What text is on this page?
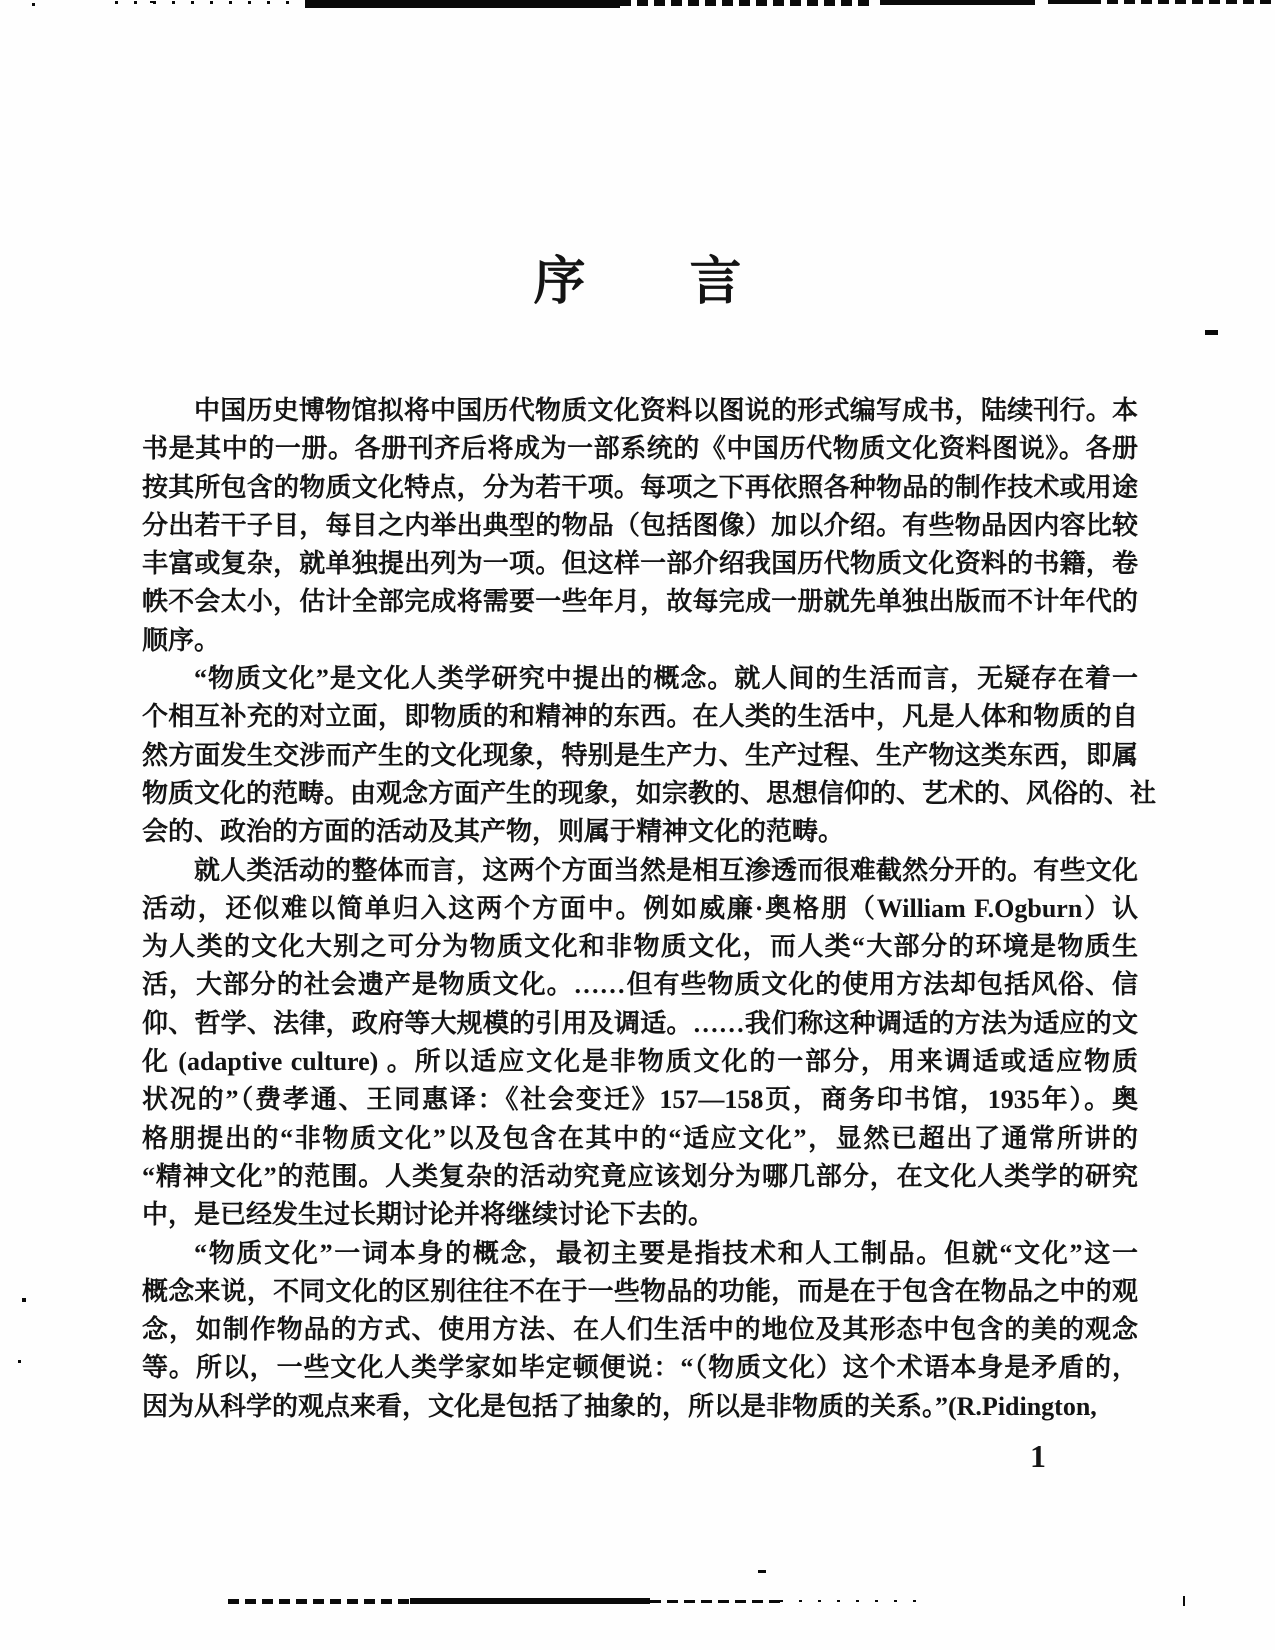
序 言
中国历史博物馆拟将中国历代物质文化资料以图说的形式编写成书，陆续刊行。本
书是其中的一册。各册刊齐后将成为一部系统的《中国历代物质文化资料图说》。各册
按其所包含的物质文化特点，分为若干项。每项之下再依照各种物品的制作技术或用途
分出若干子目，每目之内举出典型的物品（包括图像）加以介绍。有些物品因内容比较
丰富或复杂，就单独提出列为一项。但这样一部介绍我国历代物质文化资料的书籍，卷
帙不会太小，估计全部完成将需要一些年月，故每完成一册就先单独出版而不计年代的
顺序。
“物质文化”是文化人类学研究中提出的概念。就人间的生活而言，无疑存在着一
个相互补充的对立面，即物质的和精神的东西。在人类的生活中，凡是人体和物质的自
然方面发生交涉而产生的文化现象，特别是生产力、生产过程、生产物这类东西，即属
物质文化的范畴。由观念方面产生的现象，如宗教的、思想信仰的、艺术的、风俗的、社
会的、政治的方面的活动及其产物，则属于精神文化的范畴。
就人类活动的整体而言，这两个方面当然是相互渗透而很难截然分开的。有些文化
活动，还似难以简单归入这两个方面中。例如威廉·奥格朋（William F.Ogburn）认
为人类的文化大别之可分为物质文化和非物质文化，而人类“大部分的环境是物质生
活，大部分的社会遗产是物质文化。……但有些物质文化的使用方法却包括风俗、信
仰、哲学、法律，政府等大规模的引用及调适。……我们称这种调适的方法为适应的文
化 (adaptive culture) 。所以适应文化是非物质文化的一部分，用来调适或适应物质
状况的”（费孝通、王同惠译：《社会变迁》157—158页，商务印书馆，1935年）。奥
格朋提出的“非物质文化”以及包含在其中的“适应文化”，显然已超出了通常所讲的
“精神文化”的范围。人类复杂的活动究竟应该划分为哪几部分，在文化人类学的研究
中，是已经发生过长期讨论并将继续讨论下去的。
“物质文化”一词本身的概念，最初主要是指技术和人工制品。但就“文化”这一
概念来说，不同文化的区别往往不在于一些物品的功能，而是在于包含在物品之中的观
念，如制作物品的方式、使用方法、在人们生活中的地位及其形态中包含的美的观念
等。所以，一些文化人类学家如毕定顿便说：“（物质文化）这个术语本身是矛盾的，
因为从科学的观点来看，文化是包括了抽象的，所以是非物质的关系。”(R.Pidington,
1
